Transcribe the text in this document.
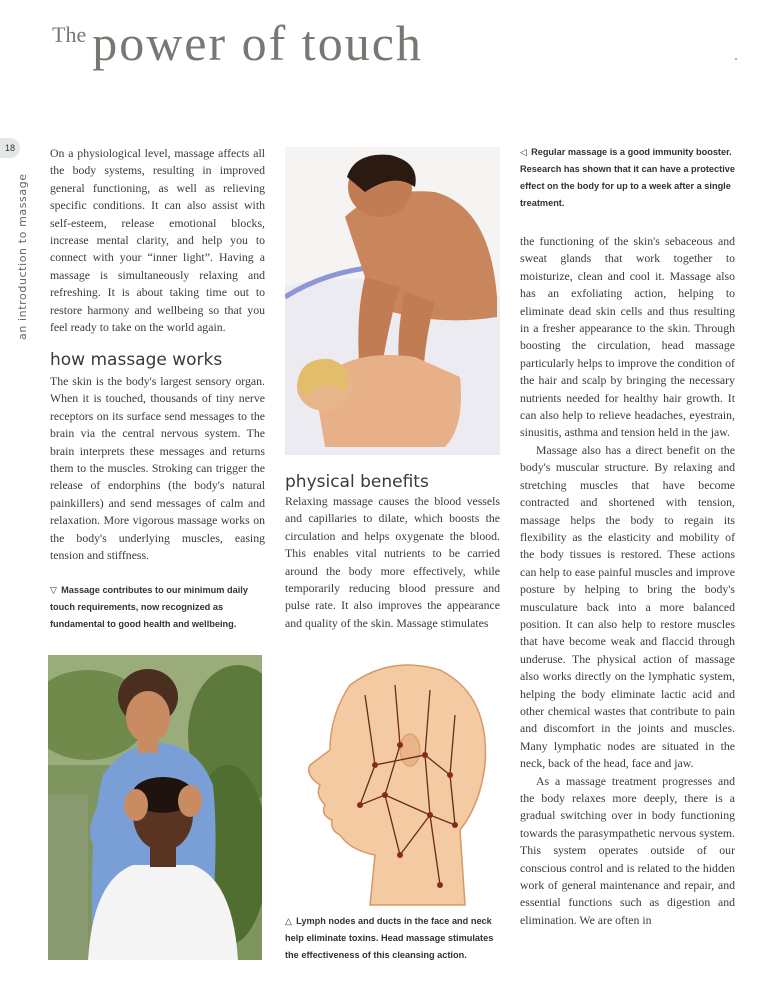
The power of touch
18
an introduction to massage

On a physiological level, massage affects all the body systems, resulting in improved general functioning, as well as relieving specific conditions. It can also assist with self-esteem, release emotional blocks, increase mental clarity, and help you to connect with your “inner light”. Having a massage is simultaneously relaxing and refreshing. It is about taking time out to restore harmony and wellbeing so that you feel ready to take on the world again.

how massage works

The skin is the body's largest sensory organ. When it is touched, thousands of tiny nerve receptors on its surface send messages to the brain via the central nervous system. The brain interprets these messages and returns them to the muscles. Stroking can trigger the release of endorphins (the body's natural painkillers) and send messages of calm and relaxation. More vigorous massage works on the body's underlying muscles, easing tension and stiffness.

▽ Massage contributes to our minimum daily touch requirements, now recognized as fundamental to good health and wellbeing.
physical benefits

Relaxing massage causes the blood vessels and capillaries to dilate, which boosts the circulation and helps oxygenate the blood. This enables vital nutrients to be carried around the body more effectively, while temporarily reducing blood pressure and pulse rate. It also improves the appearance and quality of the skin. Massage stimulates

△ Lymph nodes and ducts in the face and neck help eliminate toxins. Head massage stimulates the effectiveness of this cleansing action.
◁ Regular massage is a good immunity booster. Research has shown that it can have a protective effect on the body for up to a week after a single treatment.

the functioning of the skin's sebaceous and sweat glands that work together to moisturize, clean and cool it. Massage also has an exfoliating action, helping to eliminate dead skin cells and thus resulting in a fresher appearance to the skin. Through boosting the circulation, head massage particularly helps to improve the condition of the hair and scalp by bringing the necessary nutrients needed for healthy hair growth. It can also help to relieve headaches, eyestrain, sinusitis, asthma and tension held in the jaw.

Massage also has a direct benefit on the body's muscular structure. By relaxing and stretching muscles that have become contracted and shortened with tension, massage helps the body to regain its flexibility as the elasticity and mobility of the body tissues is restored. These actions can help to ease painful muscles and improve posture by helping to bring the body's musculature back into a more balanced position. It can also help to restore muscles that have become weak and flaccid through underuse. The physical action of massage also works directly on the lymphatic system, helping the body eliminate lactic acid and other chemical wastes that contribute to pain and discomfort in the joints and muscles. Many lymphatic nodes are situated in the neck, back of the head, face and jaw.

As a massage treatment progresses and the body relaxes more deeply, there is a gradual switching over in body functioning towards the parasympathetic nervous system. This system operates outside of our conscious control and is related to the hidden work of general maintenance and repair, and essential functions such as digestion and elimination. We are often in
